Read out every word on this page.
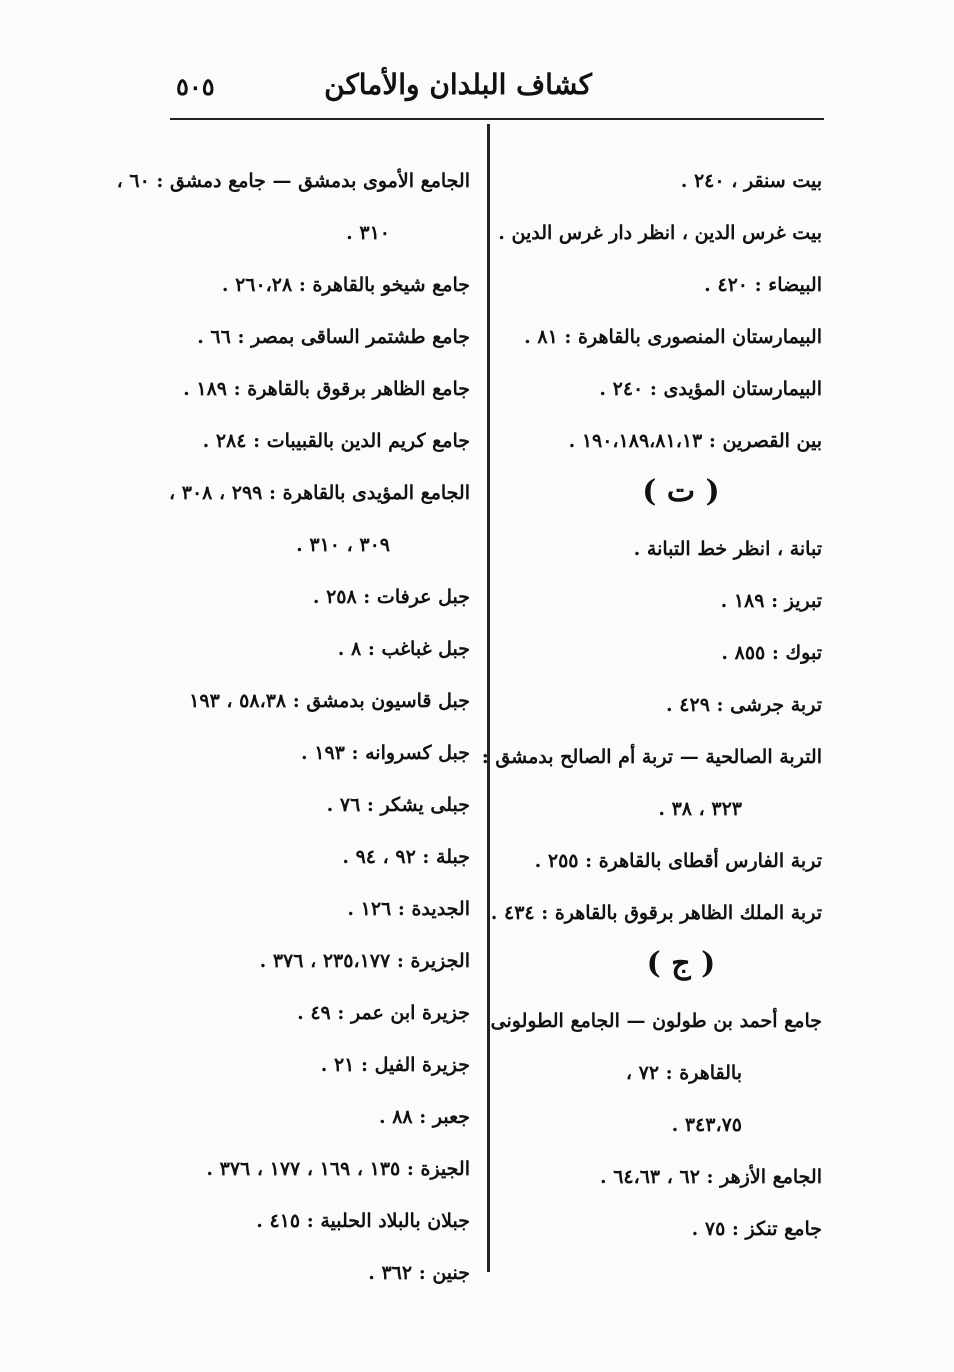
كشاف البلدان والأماكن
٥٠٥
بيت سنقر ، ٢٤٠ .
بيت غرس الدين ، انظر دار غرس الدين .
البيضاء : ٤٢٠ .
البيمارستان المنصورى بالقاهرة : ٨١ .
البيمارستان المؤيدى : ٢٤٠ .
بين القصرين : ١٩٠،١٨٩،٨١،١٣ .
( ت )
تبانة ، انظر خط التبانة .
تبريز : ١٨٩ .
تبوك : ٨٥٥ .
تربة جرشى : ٤٢٩ .
التربة الصالحية — تربة أم الصالح بدمشق :
٣٢٣ ، ٣٨ .
تربة الفارس أقطاى بالقاهرة : ٢٥٥ .
تربة الملك الظاهر برقوق بالقاهرة : ٤٣٤ .
( ج )
جامع أحمد بن طولون — الجامع الطولونى
بالقاهرة : ٧٢ ،
٣٤٣،٧٥ .
الجامع الأزهر : ٦٢ ، ٦٤،٦٣ .
جامع تنكز : ٧٥ .
الجامع الأموى بدمشق — جامع دمشق : ٦٠ ،
٣١٠ .
جامع شيخو بالقاهرة : ٢٦٠،٢٨ .
جامع طشتمر الساقى بمصر : ٦٦ .
جامع الظاهر برقوق بالقاهرة : ١٨٩ .
جامع كريم الدين بالقبيبات : ٢٨٤ .
الجامع المؤيدى بالقاهرة : ٢٩٩ ، ٣٠٨ ،
٣٠٩ ، ٣١٠ .
جبل عرفات : ٢٥٨ .
جبل غباغب : ٨ .
جبل قاسيون بدمشق : ٥٨،٣٨ ، ١٩٣
جبل كسروانه : ١٩٣ .
جبلى يشكر : ٧٦ .
جبلة : ٩٢ ، ٩٤ .
الجديدة : ١٢٦ .
الجزيرة : ٢٣٥،١٧٧ ، ٣٧٦ .
جزيرة ابن عمر : ٤٩ .
جزيرة الفيل : ٢١ .
جعبر : ٨٨ .
الجيزة : ١٣٥ ، ١٦٩ ، ١٧٧ ، ٣٧٦ .
جبلان بالبلاد الحلبية : ٤١٥ .
جنين : ٣٦٢ .
